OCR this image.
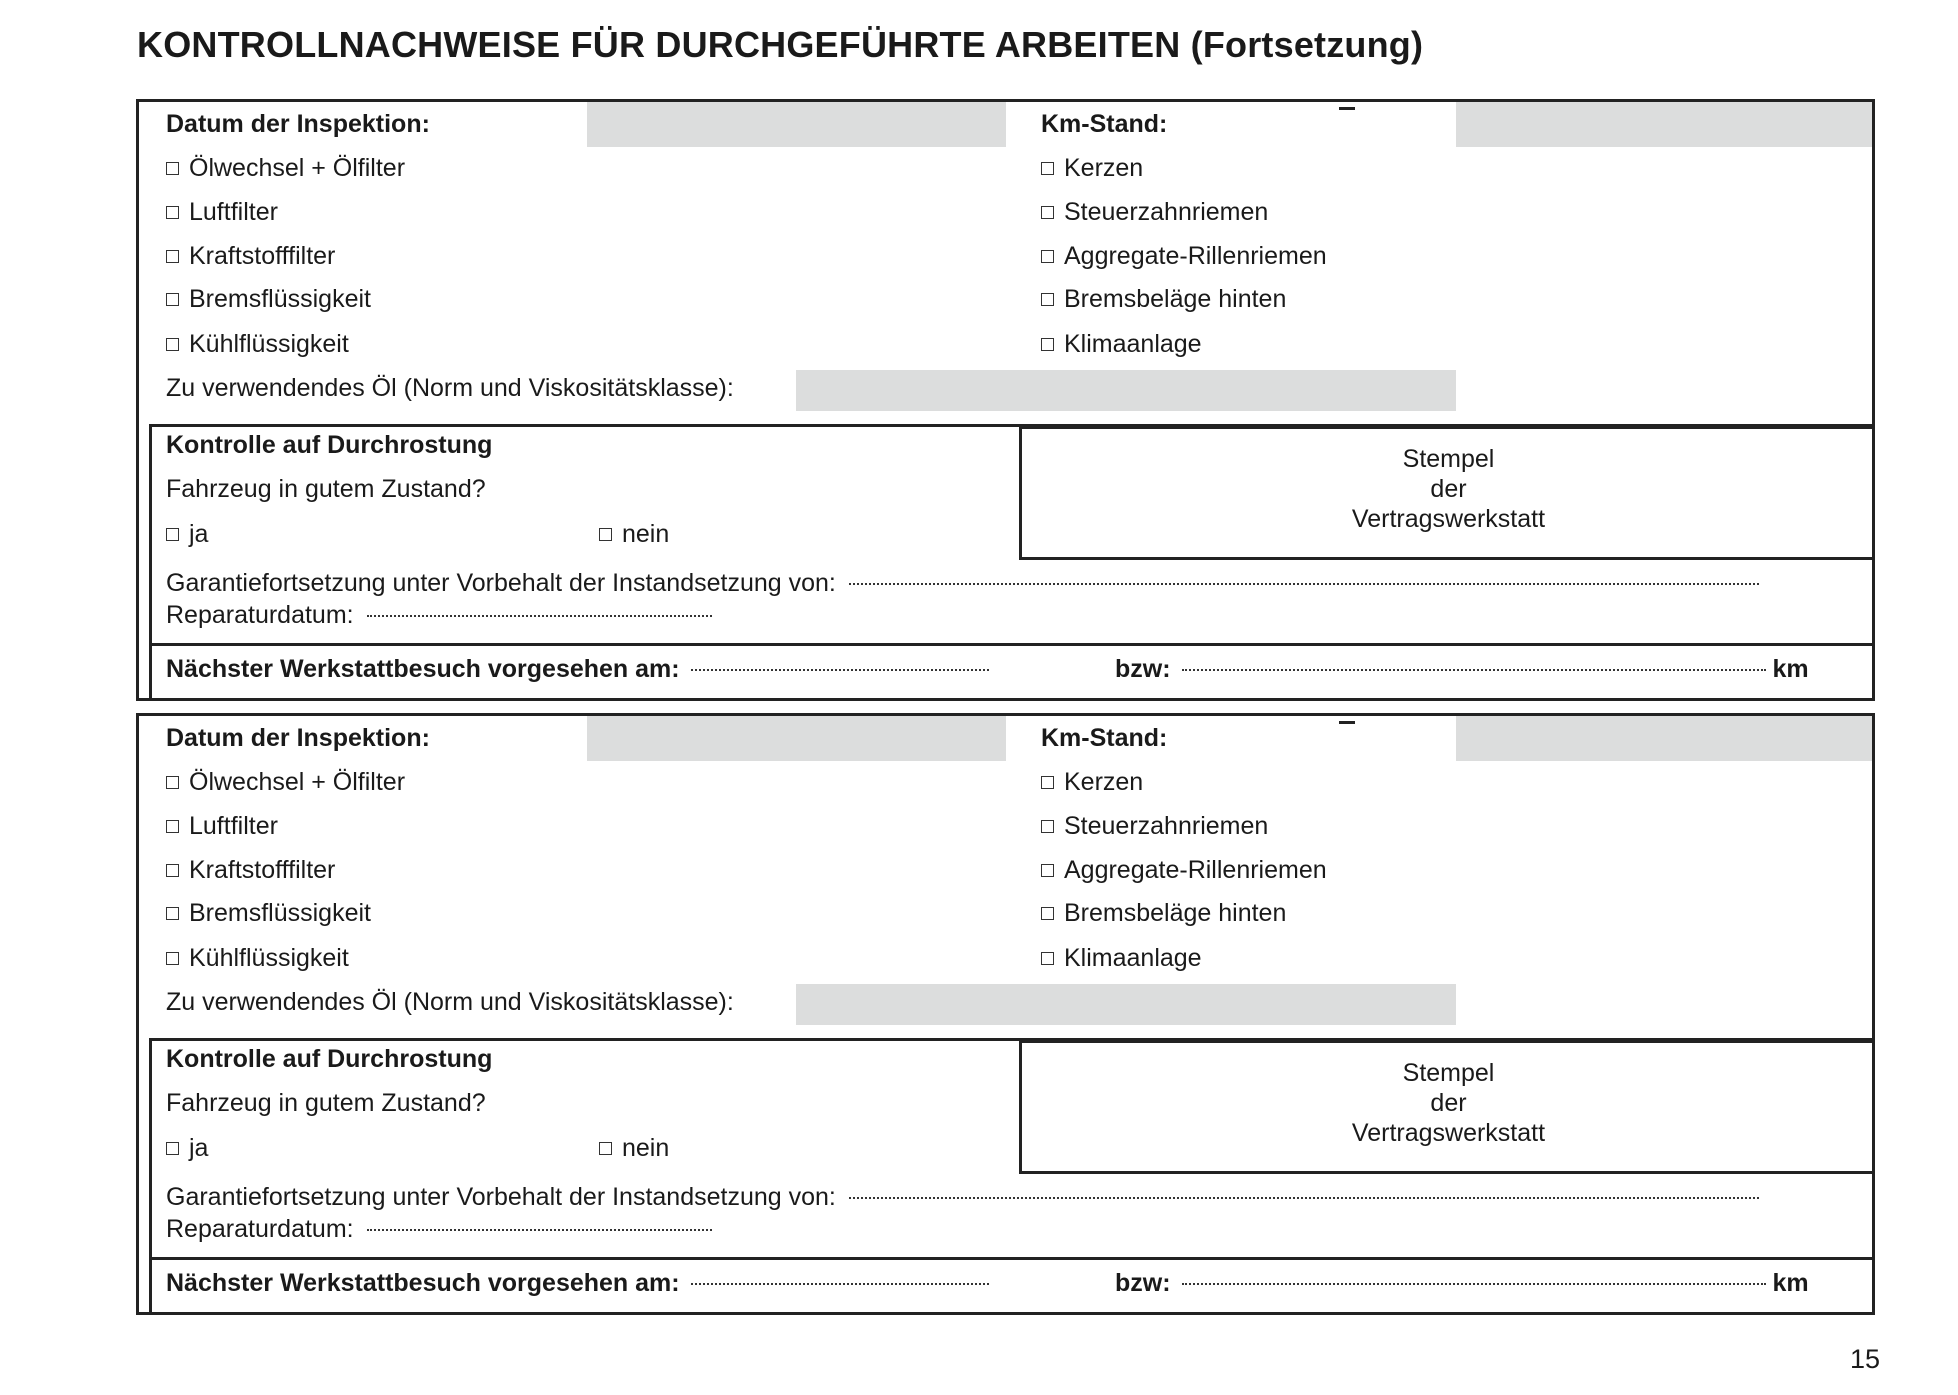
KONTROLLNACHWEISE FÜR DURCHGEFÜHRTE ARBEITEN (Fortsetzung)
Datum der Inspektion:	Km-Stand:
Ölwechsel + Ölfilter	Kerzen
Luftfilter	Steuerzahnriemen
Kraftstofffilter	Aggregate-Rillenriemen
Bremsflüssigkeit	Bremsbeläge hinten
Kühlflüssigkeit	Klimaanlage
Zu verwendendes Öl (Norm und Viskositätsklasse):
Kontrolle auf Durchrostung
Fahrzeug in gutem Zustand?
ja	nein
Stempel
der
Vertragswerkstatt
Garantiefortsetzung unter Vorbehalt der Instandsetzung von:
Reparaturdatum:
Nächster Werkstattbesuch vorgesehen am:	bzw:	km
Datum der Inspektion:	Km-Stand:
Ölwechsel + Ölfilter	Kerzen
Luftfilter	Steuerzahnriemen
Kraftstofffilter	Aggregate-Rillenriemen
Bremsflüssigkeit	Bremsbeläge hinten
Kühlflüssigkeit	Klimaanlage
Zu verwendendes Öl (Norm und Viskositätsklasse):
Kontrolle auf Durchrostung
Fahrzeug in gutem Zustand?
ja	nein
Stempel
der
Vertragswerkstatt
Garantiefortsetzung unter Vorbehalt der Instandsetzung von:
Reparaturdatum:
Nächster Werkstattbesuch vorgesehen am:	bzw:	km
15
